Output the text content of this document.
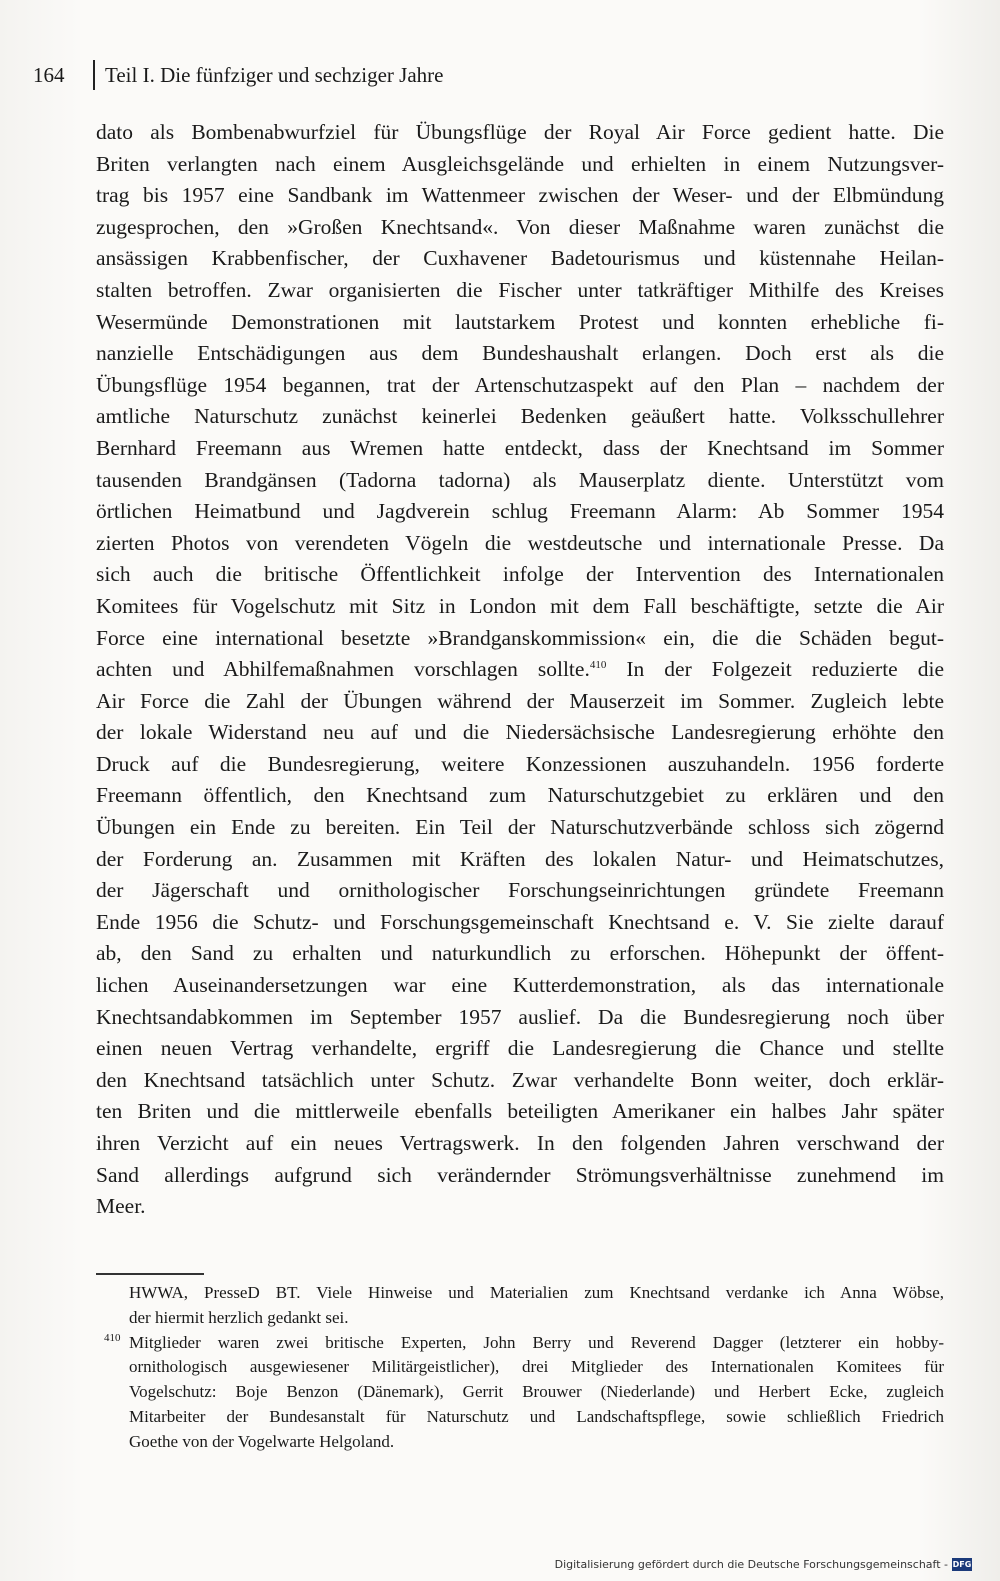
164	Teil I. Die fünfziger und sechziger Jahre
dato als Bombenabwurfziel für Übungsflüge der Royal Air Force gedient hatte. Die
Briten verlangten nach einem Ausgleichsgelände und erhielten in einem Nutzungsver-
trag bis 1957 eine Sandbank im Wattenmeer zwischen der Weser- und der Elbmündung
zugesprochen, den »Großen Knechtsand«. Von dieser Maßnahme waren zunächst die
ansässigen Krabbenfischer, der Cuxhavener Badetourismus und küstennahe Heilan-
stalten betroffen. Zwar organisierten die Fischer unter tatkräftiger Mithilfe des Kreises
Wesermünde Demonstrationen mit lautstarkem Protest und konnten erhebliche fi-
nanzielle Entschädigungen aus dem Bundeshaushalt erlangen. Doch erst als die
Übungsflüge 1954 begannen, trat der Artenschutzaspekt auf den Plan – nachdem der
amtliche Naturschutz zunächst keinerlei Bedenken geäußert hatte. Volksschullehrer
Bernhard Freemann aus Wremen hatte entdeckt, dass der Knechtsand im Sommer
tausenden Brandgänsen (Tadorna tadorna) als Mauserplatz diente. Unterstützt vom
örtlichen Heimatbund und Jagdverein schlug Freemann Alarm: Ab Sommer 1954
zierten Photos von verendeten Vögeln die westdeutsche und internationale Presse. Da
sich auch die britische Öffentlichkeit infolge der Intervention des Internationalen
Komitees für Vogelschutz mit Sitz in London mit dem Fall beschäftigte, setzte die Air
Force eine international besetzte »Brandganskommission« ein, die die Schäden begut-
achten und Abhilfemaßnahmen vorschlagen sollte.$^{410}$ In der Folgezeit reduzierte die
Air Force die Zahl der Übungen während der Mauserzeit im Sommer. Zugleich lebte
der lokale Widerstand neu auf und die Niedersächsische Landesregierung erhöhte den
Druck auf die Bundesregierung, weitere Konzessionen auszuhandeln. 1956 forderte
Freemann öffentlich, den Knechtsand zum Naturschutzgebiet zu erklären und den
Übungen ein Ende zu bereiten. Ein Teil der Naturschutzverbände schloss sich zögernd
der Forderung an. Zusammen mit Kräften des lokalen Natur- und Heimatschutzes,
der Jägerschaft und ornithologischer Forschungseinrichtungen gründete Freemann
Ende 1956 die Schutz- und Forschungsgemeinschaft Knechtsand e. V. Sie zielte darauf
ab, den Sand zu erhalten und naturkundlich zu erforschen. Höhepunkt der öffent-
lichen Auseinandersetzungen war eine Kutterdemonstration, als das internationale
Knechtsandabkommen im September 1957 auslief. Da die Bundesregierung noch über
einen neuen Vertrag verhandelte, ergriff die Landesregierung die Chance und stellte
den Knechtsand tatsächlich unter Schutz. Zwar verhandelte Bonn weiter, doch erklär-
ten Briten und die mittlerweile ebenfalls beteiligten Amerikaner ein halbes Jahr später
ihren Verzicht auf ein neues Vertragswerk. In den folgenden Jahren verschwand der
Sand allerdings aufgrund sich verändernder Strömungsverhältnisse zunehmend im
Meer.
HWWA, PresseD BT. Viele Hinweise und Materialien zum Knechtsand verdanke ich Anna Wöbse,
der hiermit herzlich gedankt sei.
410 Mitglieder waren zwei britische Experten, John Berry und Reverend Dagger (letzterer ein hobby-
ornithologisch ausgewiesener Militärgeistlicher), drei Mitglieder des Internationalen Komitees für
Vogelschutz: Boje Benzon (Dänemark), Gerrit Brouwer (Niederlande) und Herbert Ecke, zugleich
Mitarbeiter der Bundesanstalt für Naturschutz und Landschaftspflege, sowie schließlich Friedrich
Goethe von der Vogelwarte Helgoland.
Digitalisierung gefördert durch die Deutsche Forschungsgemeinschaft - DFG
